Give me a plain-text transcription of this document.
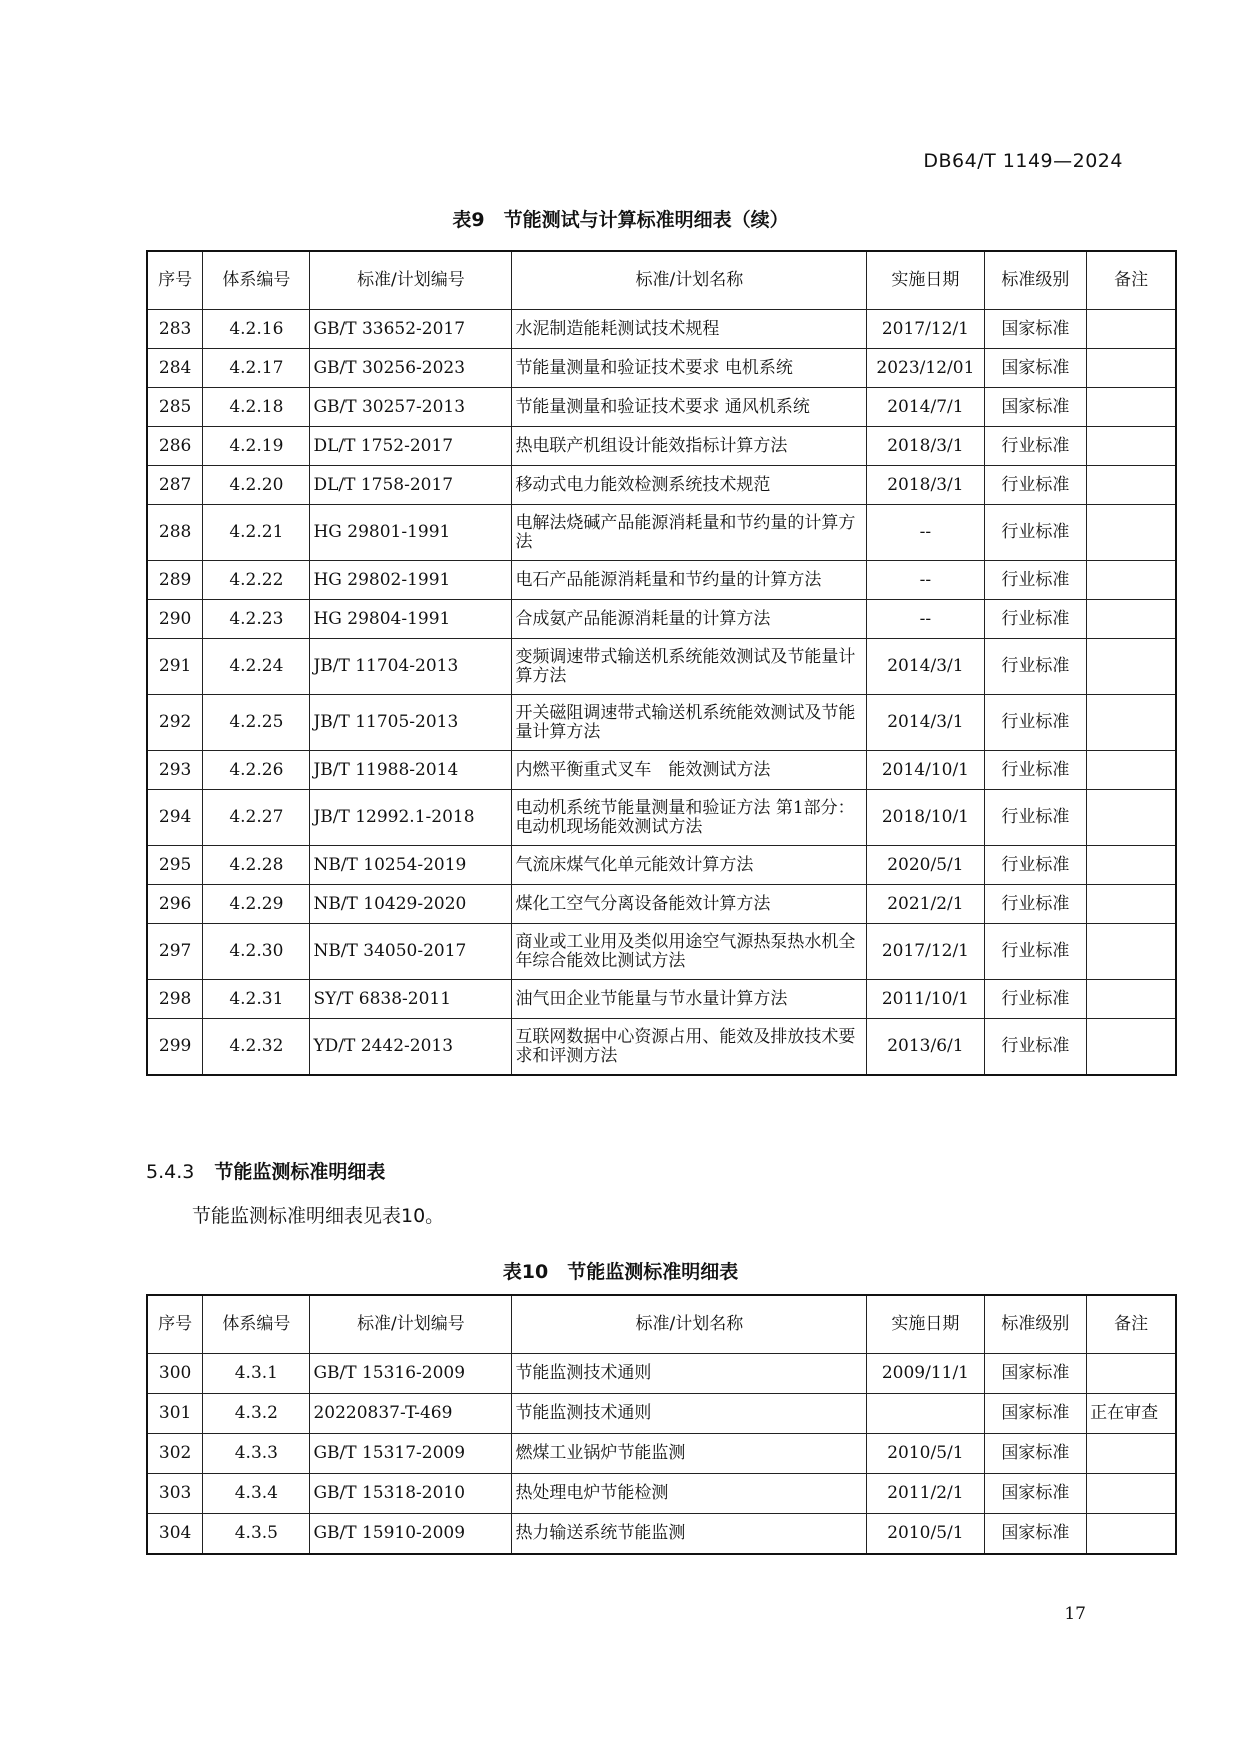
DB64/T 1149—2024
表9　节能测试与计算标准明细表（续）
序号	体系编号	标准/计划编号	标准/计划名称	实施日期	标准级别	备注
283	4.2.16	GB/T 33652-2017	水泥制造能耗测试技术规程	2017/12/1	国家标准	
284	4.2.17	GB/T 30256-2023	节能量测量和验证技术要求 电机系统	2023/12/01	国家标准	
285	4.2.18	GB/T 30257-2013	节能量测量和验证技术要求 通风机系统	2014/7/1	国家标准	
286	4.2.19	DL/T 1752-2017	热电联产机组设计能效指标计算方法	2018/3/1	行业标准	
287	4.2.20	DL/T 1758-2017	移动式电力能效检测系统技术规范	2018/3/1	行业标准	
288	4.2.21	HG 29801-1991	电解法烧碱产品能源消耗量和节约量的计算方法	--	行业标准	
289	4.2.22	HG 29802-1991	电石产品能源消耗量和节约量的计算方法	--	行业标准	
290	4.2.23	HG 29804-1991	合成氨产品能源消耗量的计算方法	--	行业标准	
291	4.2.24	JB/T 11704-2013	变频调速带式输送机系统能效测试及节能量计算方法	2014/3/1	行业标准	
292	4.2.25	JB/T 11705-2013	开关磁阻调速带式输送机系统能效测试及节能量计算方法	2014/3/1	行业标准	
293	4.2.26	JB/T 11988-2014	内燃平衡重式叉车　能效测试方法	2014/10/1	行业标准	
294	4.2.27	JB/T 12992.1-2018	电动机系统节能量测量和验证方法 第1部分：电动机现场能效测试方法	2018/10/1	行业标准	
295	4.2.28	NB/T 10254-2019	气流床煤气化单元能效计算方法	2020/5/1	行业标准	
296	4.2.29	NB/T 10429-2020	煤化工空气分离设备能效计算方法	2021/2/1	行业标准	
297	4.2.30	NB/T 34050-2017	商业或工业用及类似用途空气源热泵热水机全年综合能效比测试方法	2017/12/1	行业标准	
298	4.2.31	SY/T 6838-2011	油气田企业节能量与节水量计算方法	2011/10/1	行业标准	
299	4.2.32	YD/T 2442-2013	互联网数据中心资源占用、能效及排放技术要求和评测方法	2013/6/1	行业标准	
5.4.3 节能监测标准明细表
节能监测标准明细表见表10。
表10　节能监测标准明细表
序号	体系编号	标准/计划编号	标准/计划名称	实施日期	标准级别	备注
300	4.3.1	GB/T 15316-2009	节能监测技术通则	2009/11/1	国家标准	
301	4.3.2	20220837-T-469	节能监测技术通则		国家标准	正在审查
302	4.3.3	GB/T 15317-2009	燃煤工业锅炉节能监测	2010/5/1	国家标准	
303	4.3.4	GB/T 15318-2010	热处理电炉节能检测	2011/2/1	国家标准	
304	4.3.5	GB/T 15910-2009	热力输送系统节能监测	2010/5/1	国家标准	
17
